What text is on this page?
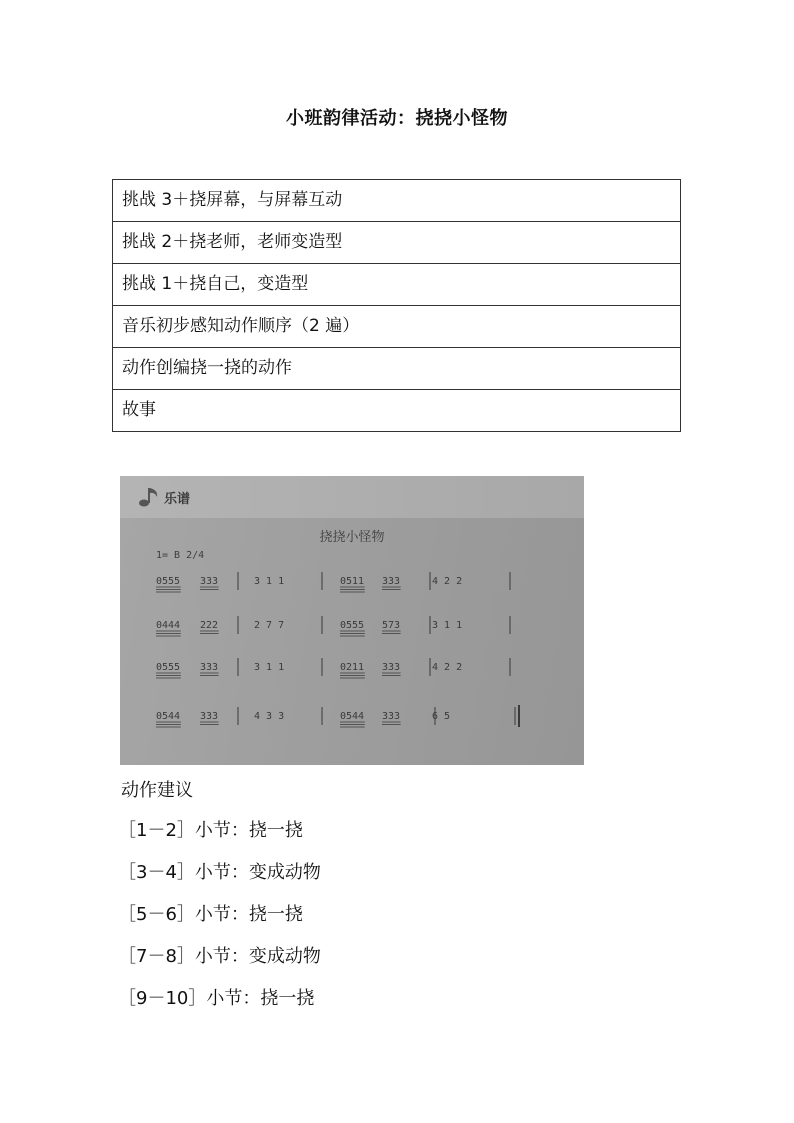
小班韵律活动：挠挠小怪物
挑战 3＋挠屏幕，与屏幕互动
挑战 2＋挠老师，老师变造型
挑战 1＋挠自己，变造型
音乐初步感知动作顺序（2 遍）
动作创编挠一挠的动作
故事
乐谱
挠挠小怪物
1= B 2/4
0555 333	3 1 1	0511 333	4 2 2
0444 222	2 7 7	0555 573	3 1 1
0555 333	3 1 1	0211 333	4 2 2
0544 333	4 3 3	0544 333	6 5
动作建议
［1－2］小节：挠一挠
［3－4］小节：变成动物
［5－6］小节：挠一挠
［7－8］小节：变成动物
［9－10］小节：挠一挠
